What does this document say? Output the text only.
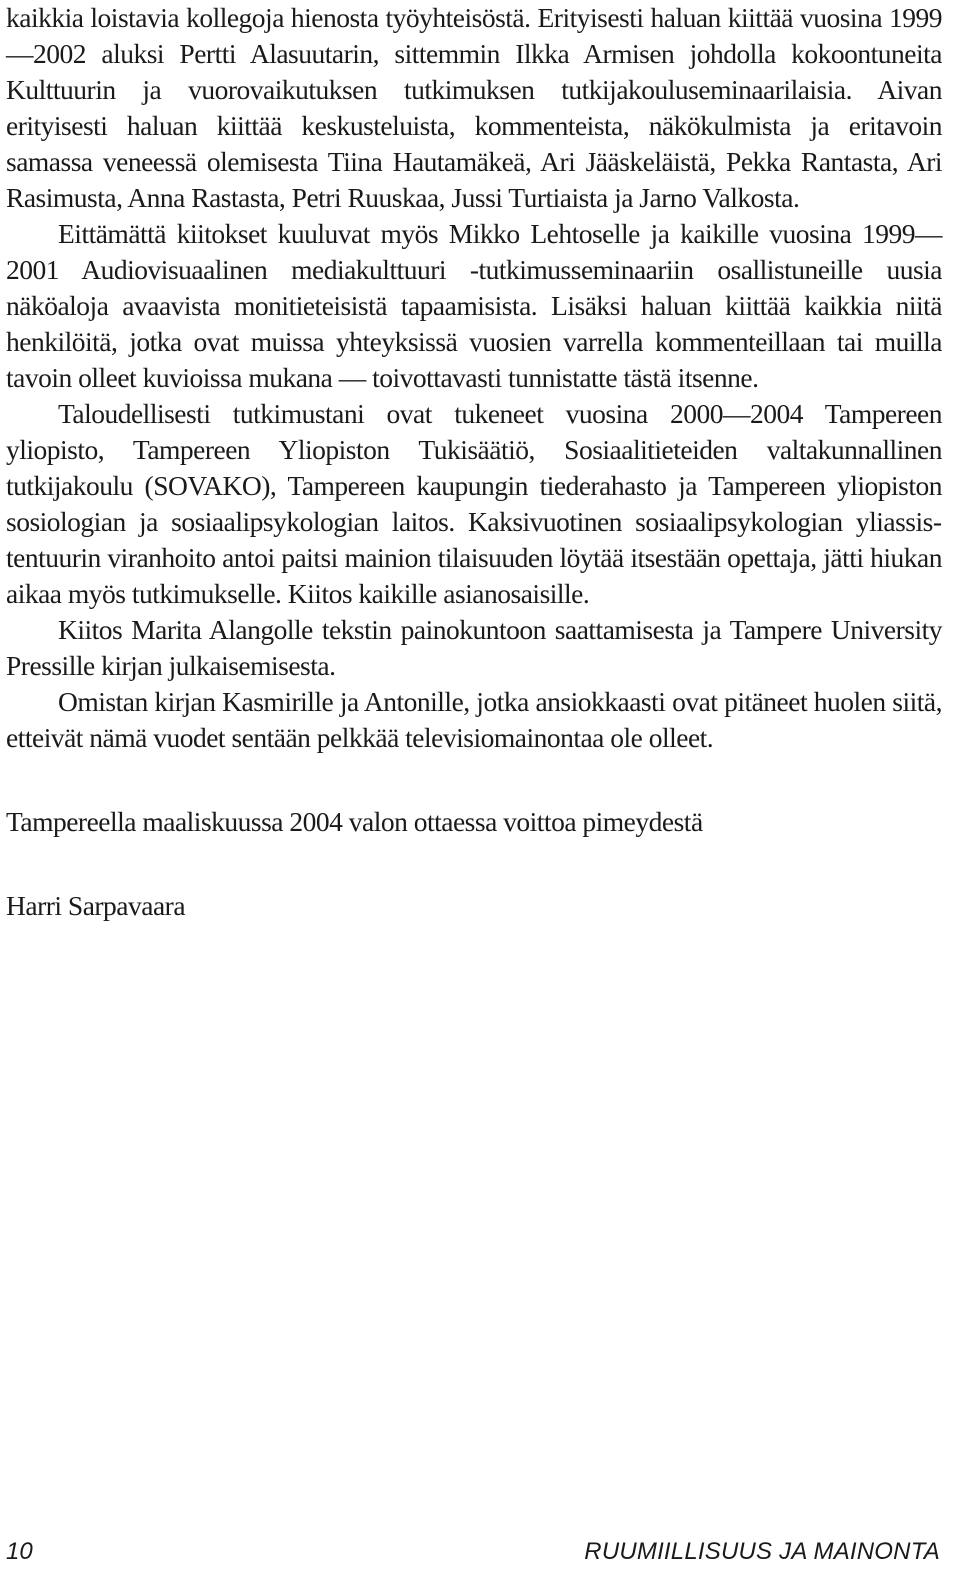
kaikkia loistavia kollegoja hienosta työyhteisöstä. Erityisesti haluan kiittää vuosina 1999—2002 aluksi Pertti Alasuutarin, sittemmin Ilkka Armisen johdolla kokoontuneita Kulttuurin ja vuorovaikutuksen tutkimuksen tutkijakouluseminaarilaisia. Aivan erityisesti haluan kiittää keskusteluista, kommenteista, näkökulmista ja eritavoin samassa veneessä olemisesta Tiina Hautamäkeä, Ari Jääskeläistä, Pekka Rantasta, Ari Rasimusta, Anna Rastasta, Petri Ruuskaa, Jussi Turtiaista ja Jarno Valkosta.

Eittämättä kiitokset kuuluvat myös Mikko Lehtoselle ja kaikille vuosina 1999—2001 Audiovisuaalinen mediakulttuuri -tutkimusseminaariin osallistuneille uusia näköaloja avaavista monitieteisistä tapaamisista. Lisäksi haluan kiittää kaikkia niitä henkilöitä, jotka ovat muissa yhteyksissä vuosien varrella kommenteillaan tai muilla tavoin olleet kuvioissa mukana — toivottavasti tunnistatte tästä itsenne.

Taloudellisesti tutkimustani ovat tukeneet vuosina 2000—2004 Tampereen yliopisto, Tampereen Yliopiston Tukisäätiö, Sosiaalitieteiden valtakunnallinen tutkijakoulu (SOVAKO), Tampereen kaupungin tiederahasto ja Tampereen yliopiston sosiologian ja sosiaalipsykologian laitos. Kaksivuotinen sosiaalipsykologian yliassistentuurin viranhoito antoi paitsi mainion tilaisuuden löytää itsestään opettaja, jätti hiukan aikaa myös tutkimukselle. Kiitos kaikille asianosaisille.

Kiitos Marita Alangolle tekstin painokuntoon saattamisesta ja Tampere University Pressille kirjan julkaisemisesta.

Omistan kirjan Kasmirille ja Antonille, jotka ansiokkaasti ovat pitäneet huolen siitä, etteivät nämä vuodet sentään pelkkää televisiomainontaa ole olleet.

Tampereella maaliskuussa 2004 valon ottaessa voittoa pimeydestä

Harri Sarpavaara

10	RUUMIILLISUUS JA MAINONTA
